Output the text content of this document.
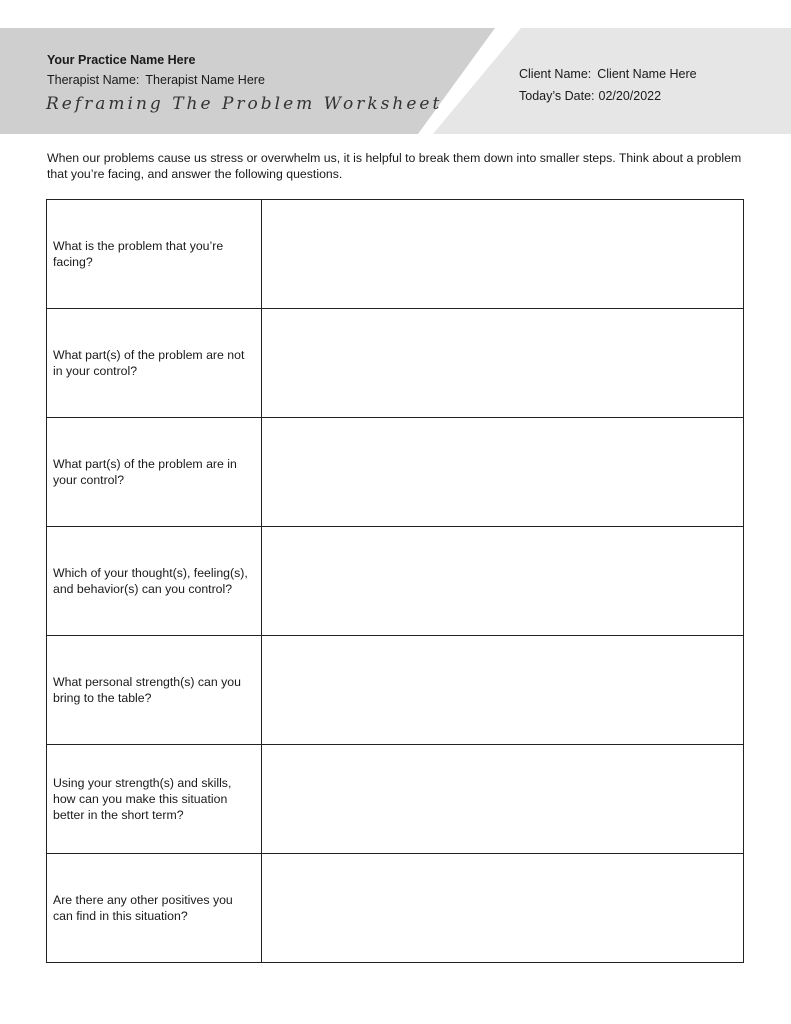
Your Practice Name Here
Therapist Name: Therapist Name Here
Reframing The Problem Worksheet
Client Name: Client Name Here
Today’s Date: 02/20/2022
When our problems cause us stress or overwhelm us, it is helpful to break them down into smaller steps. Think about a problem that you’re facing, and answer the following questions.
What is the problem that you’re facing?	
What part(s) of the problem are not in your control?	
What part(s) of the problem are in your control?	
Which of your thought(s), feeling(s), and behavior(s) can you control?	
What personal strength(s) can you bring to the table?	
Using your strength(s) and skills, how can you make this situation better in the short term?	
Are there any other positives you can find in this situation?	
